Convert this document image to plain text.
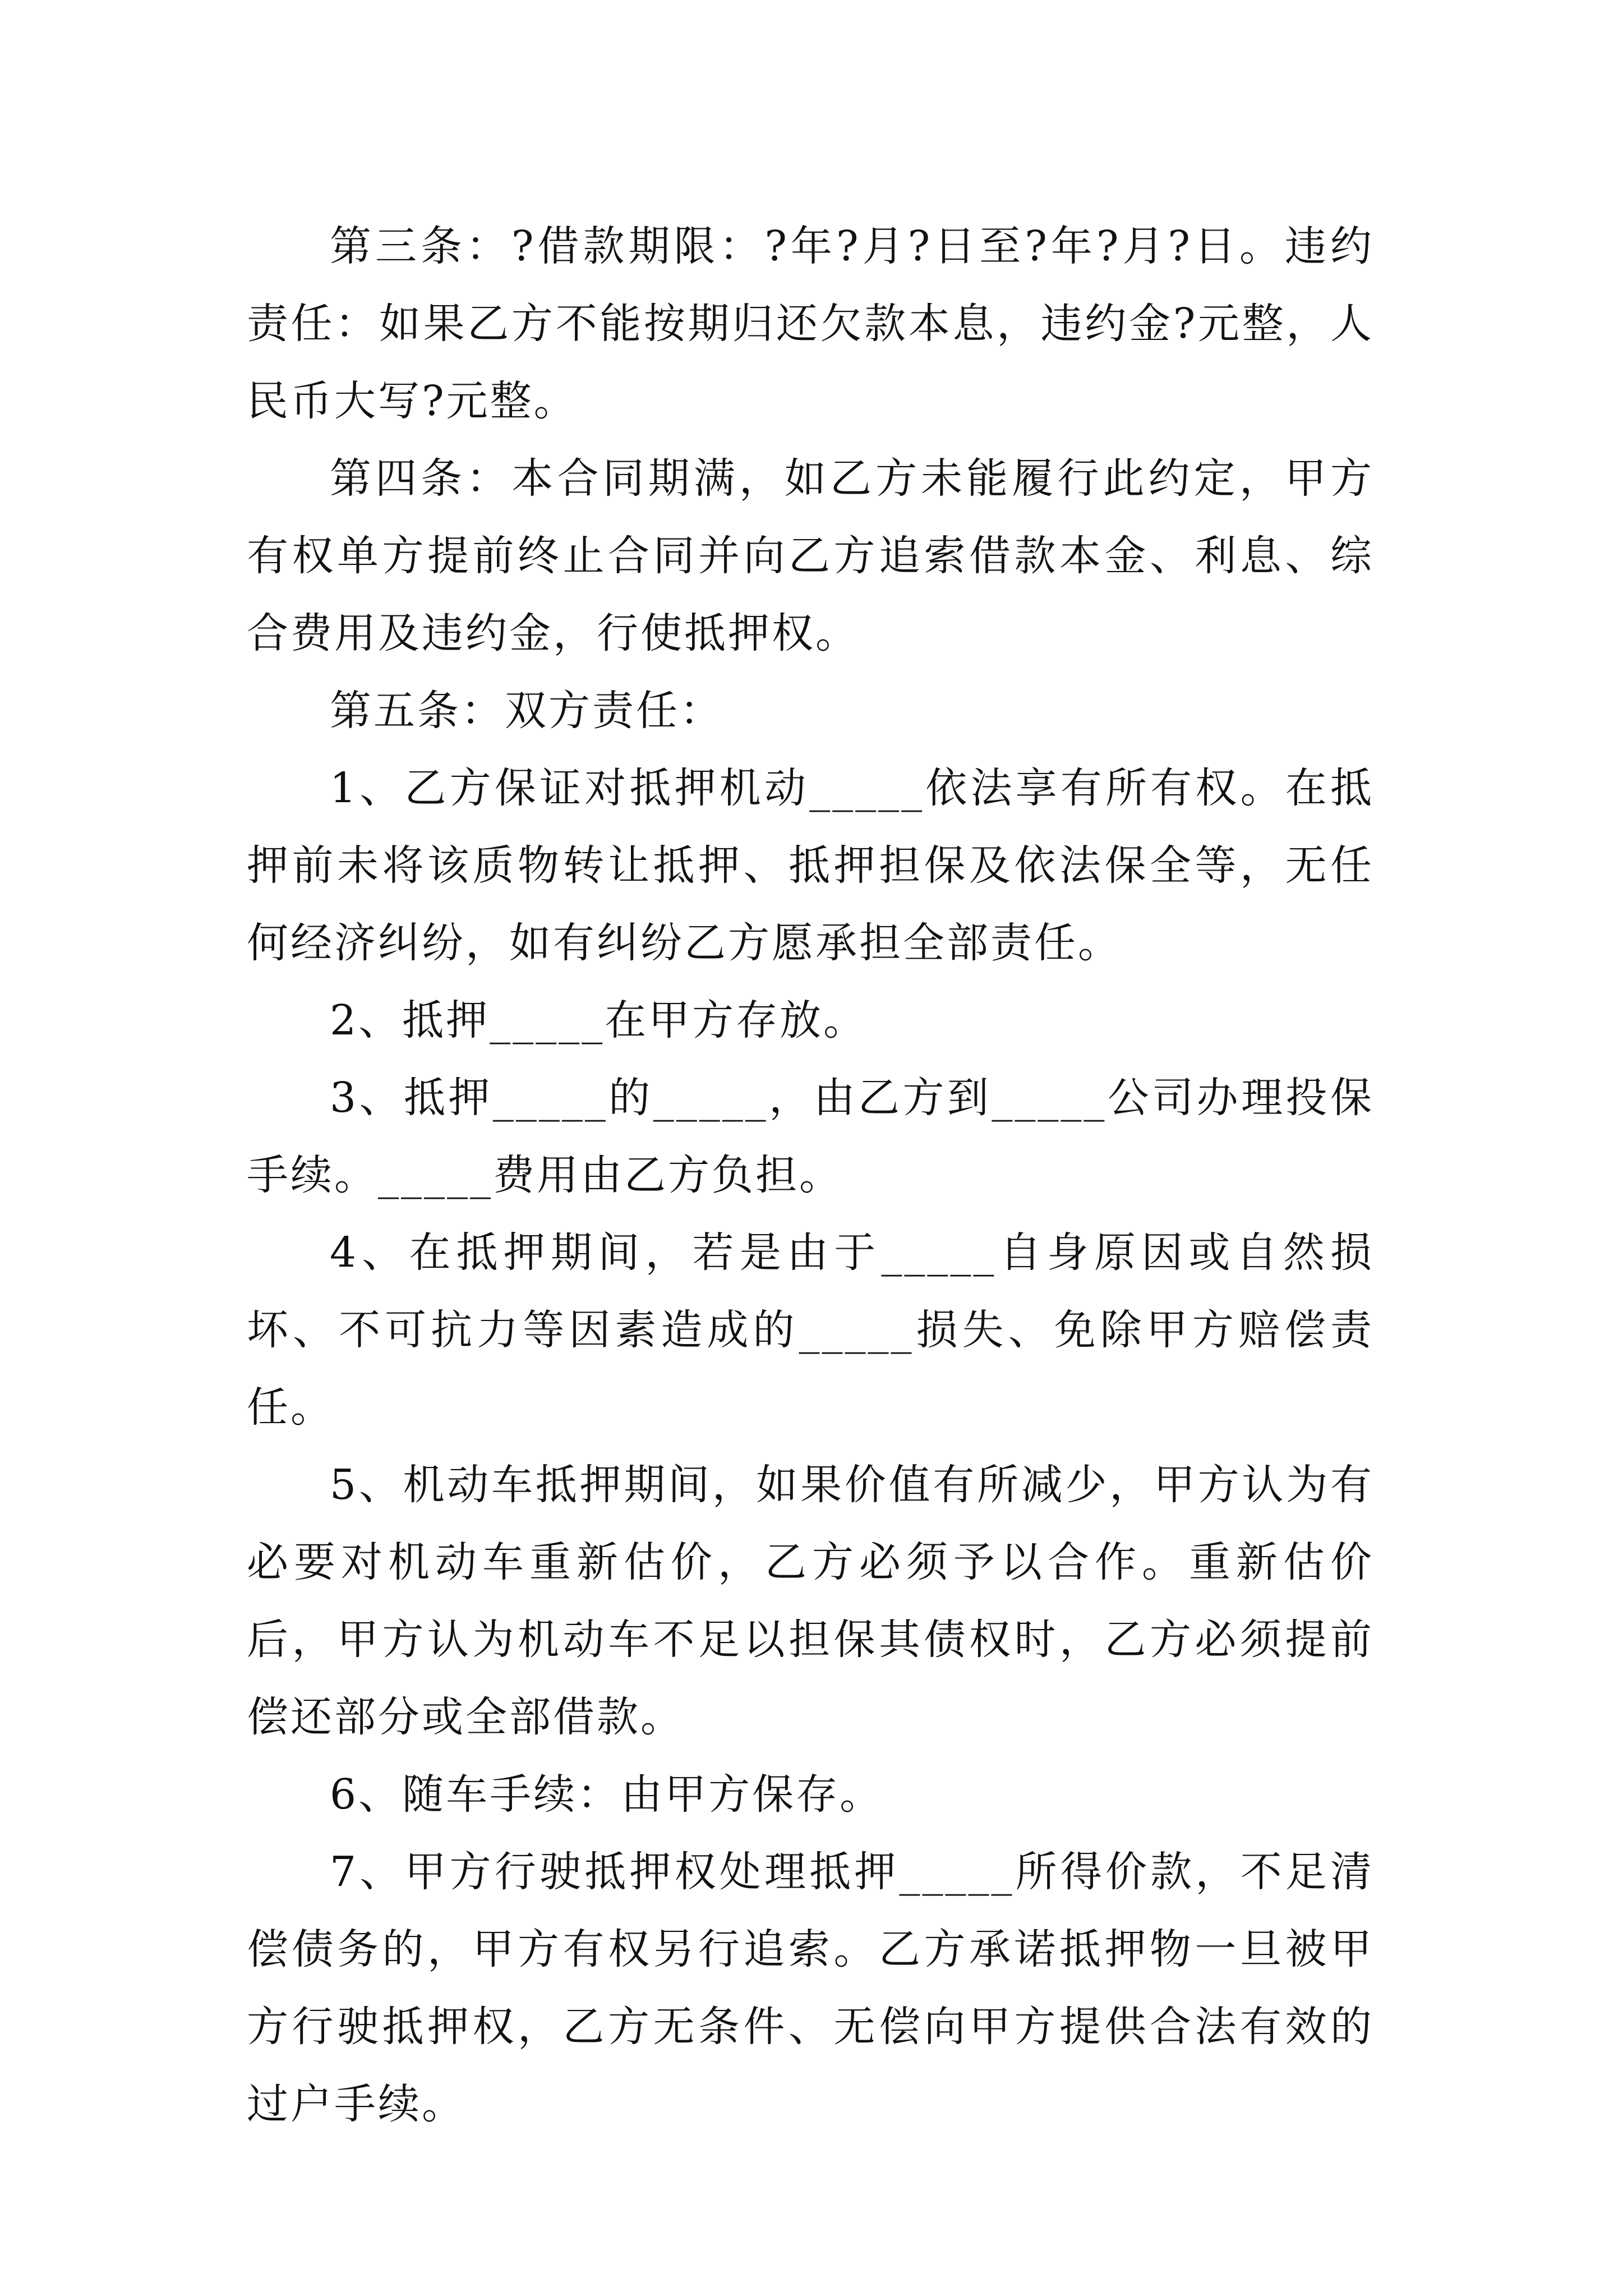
第三条：?借款期限：?年?月?日至?年?月?日。违约责任：如果乙方不能按期归还欠款本息，违约金?元整，人民币大写?元整。

第四条：本合同期满，如乙方未能履行此约定，甲方有权单方提前终止合同并向乙方追索借款本金、利息、综合费用及违约金，行使抵押权。

第五条：双方责任：

1、乙方保证对抵押机动_____依法享有所有权。在抵押前未将该质物转让抵押、抵押担保及依法保全等，无任何经济纠纷，如有纠纷乙方愿承担全部责任。

2、抵押_____在甲方存放。

3、抵押_____的_____，由乙方到_____公司办理投保手续。_____费用由乙方负担。

4、在抵押期间，若是由于_____自身原因或自然损坏、不可抗力等因素造成的_____损失、免除甲方赔偿责任。

5、机动车抵押期间，如果价值有所减少，甲方认为有必要对机动车重新估价，乙方必须予以合作。重新估价后，甲方认为机动车不足以担保其债权时，乙方必须提前偿还部分或全部借款。

6、随车手续：由甲方保存。

7、甲方行驶抵押权处理抵押_____所得价款，不足清偿债务的，甲方有权另行追索。乙方承诺抵押物一旦被甲方行驶抵押权，乙方无条件、无偿向甲方提供合法有效的过户手续。
